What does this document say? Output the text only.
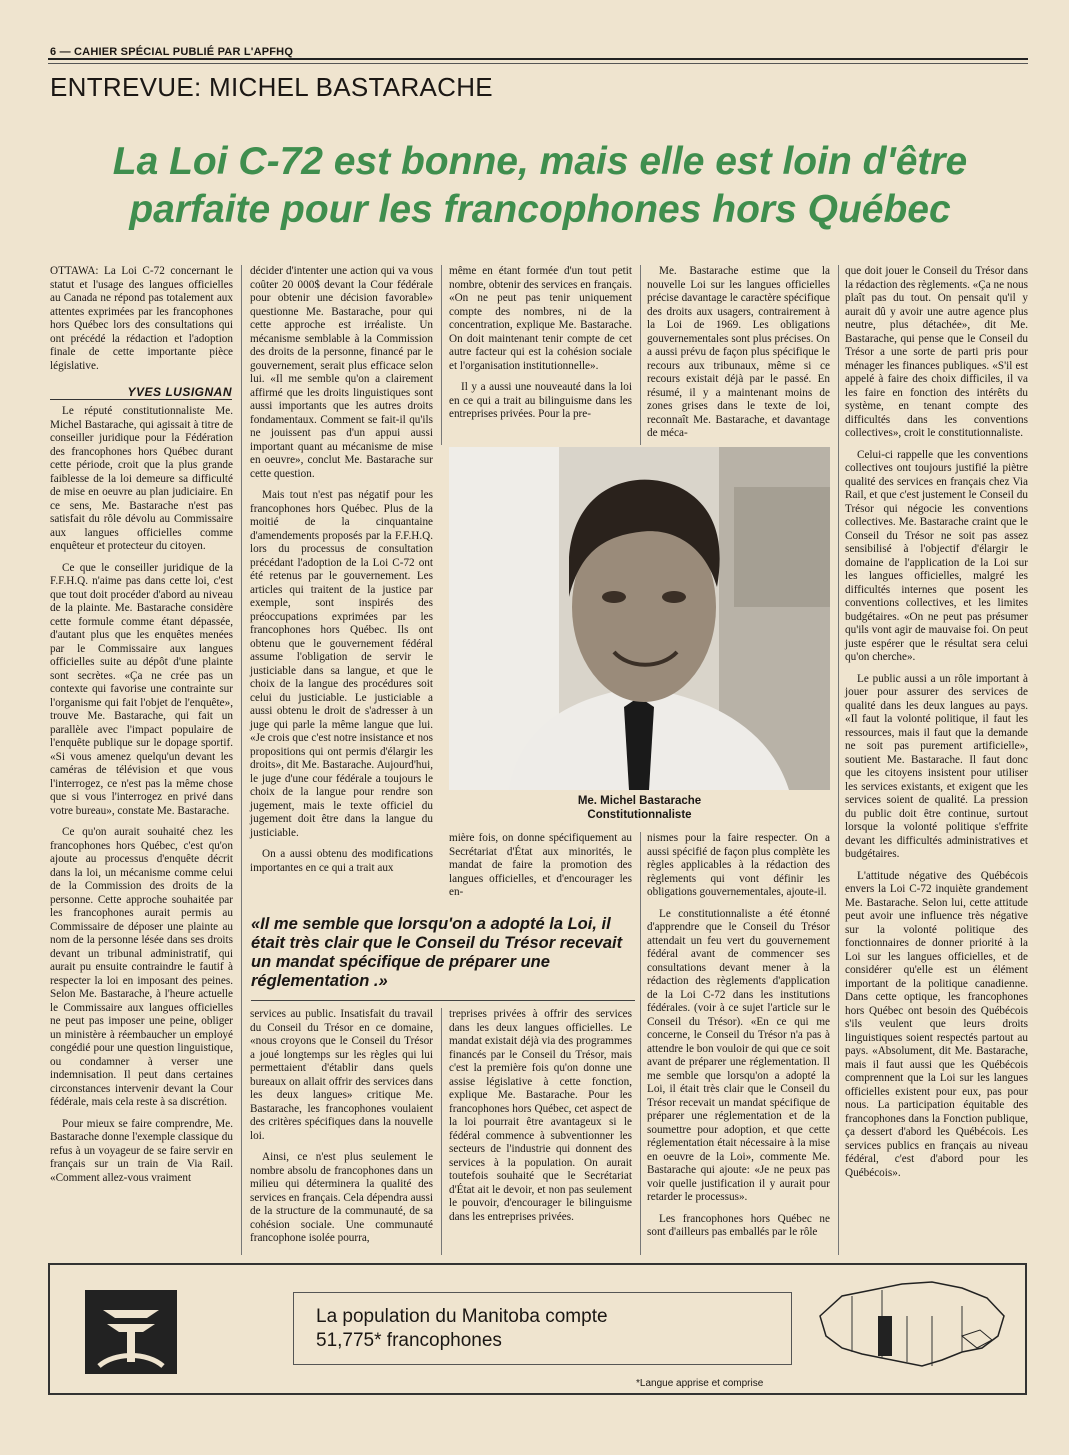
6 — CAHIER SPÉCIAL PUBLIÉ PAR L'APFHQ
ENTREVUE: MICHEL BASTARACHE
La Loi C-72 est bonne, mais elle est loin d'être parfaite pour les francophones hors Québec

OTTAWA: La Loi C-72 concernant le statut et l'usage des langues officielles au Canada ne répond pas totalement aux attentes exprimées par les francophones hors Québec lors des consultations qui ont précédé la rédaction et l'adoption finale de cette importante pièce législative.

YVES LUSIGNAN

Le réputé constitutionnaliste Me. Michel Bastarache, qui agissait à titre de conseiller juridique pour la Fédération des francophones hors Québec durant cette période, croit que la plus grande faiblesse de la loi demeure sa difficulté de mise en oeuvre au plan judiciaire. En ce sens, Me. Bastarache n'est pas satisfait du rôle dévolu au Commissaire aux langues officielles comme enquêteur et protecteur du citoyen.

Ce que le conseiller juridique de la F.F.H.Q. n'aime pas dans cette loi, c'est que tout doit procéder d'abord au niveau de la plainte. Me. Bastarache considère cette formule comme étant dépassée, d'autant plus que les enquêtes menées par le Commissaire aux langues officielles suite au dépôt d'une plainte sont secrètes. «Ça ne crée pas un contexte qui favorise une contrainte sur l'organisme qui fait l'objet de l'enquête», trouve Me. Bastarache, qui fait un parallèle avec l'impact populaire de l'enquête publique sur le dopage sportif. «Si vous amenez quelqu'un devant les caméras de télévision et que vous l'interrogez, ce n'est pas la même chose que si vous l'interrogez en privé dans votre bureau», constate Me. Bastarache.

Ce qu'on aurait souhaité chez les francophones hors Québec, c'est qu'on ajoute au processus d'enquête décrit dans la loi, un mécanisme comme celui de la Commission des droits de la personne. Cette approche souhaitée par les francophones aurait permis au Commissaire de déposer une plainte au nom de la personne lésée dans ses droits devant un tribunal administratif, qui aurait pu ensuite contraindre le fautif à respecter la loi en imposant des peines. Selon Me. Bastarache, à l'heure actuelle le Commissaire aux langues officielles ne peut pas imposer une peine, obliger un ministère à réembaucher un employé congédié pour une question linguistique, ou condamner à verser une indemnisation. Il peut dans certaines circonstances intervenir devant la Cour fédérale, mais cela reste à sa discrétion.

Pour mieux se faire comprendre, Me. Bastarache donne l'exemple classique du refus à un voyageur de se faire servir en français sur un train de Via Rail. «Comment allez-vous vraiment

décider d'intenter une action qui va vous coûter 20 000$ devant la Cour fédérale pour obtenir une décision favorable» questionne Me. Bastarache, pour qui cette approche est irréaliste. Un mécanisme semblable à la Commission des droits de la personne, financé par le gouvernement, serait plus efficace selon lui. «Il me semble qu'on a clairement affirmé que les droits linguistiques sont aussi importants que les autres droits fondamentaux. Comment se fait-il qu'ils ne jouissent pas d'un appui aussi important quant au mécanisme de mise en oeuvre», conclut Me. Bastarache sur cette question.

Mais tout n'est pas négatif pour les francophones hors Québec. Plus de la moitié de la cinquantaine d'amendements proposés par la F.F.H.Q. lors du processus de consultation précédant l'adoption de la Loi C-72 ont été retenus par le gouvernement. Les articles qui traitent de la justice par exemple, sont inspirés des préoccupations exprimées par les francophones hors Québec. Ils ont obtenu que le gouvernement fédéral assume l'obligation de servir le justiciable dans sa langue, et que le choix de la langue des procédures soit celui du justiciable. Le justiciable a aussi obtenu le droit de s'adresser à un juge qui parle la même langue que lui. «Je crois que c'est notre insistance et nos propositions qui ont permis d'élargir les droits», dit Me. Bastarache. Aujourd'hui, le juge d'une cour fédérale a toujours le choix de la langue pour rendre son jugement, mais le texte officiel du jugement doit être dans la langue du justiciable.

On a aussi obtenu des modifications importantes en ce qui a trait aux

«Il me semble que lorsqu'on a adopté la Loi, il était très clair que le Conseil du Trésor recevait un mandat spécifique de préparer une réglementation .»

services au public. Insatisfait du travail du Conseil du Trésor en ce domaine, «nous croyons que le Conseil du Trésor a joué longtemps sur les règles qui lui permettaient d'établir dans quels bureaux on allait offrir des services dans les deux langues» critique Me. Bastarache, les francophones voulaient des critères spécifiques dans la nouvelle loi.

Ainsi, ce n'est plus seulement le nombre absolu de francophones dans un milieu qui déterminera la qualité des services en français. Cela dépendra aussi de la structure de la communauté, de sa cohésion sociale. Une communauté francophone isolée pourra,

même en étant formée d'un tout petit nombre, obtenir des services en français. «On ne peut pas tenir uniquement compte des nombres, ni de la concentration, explique Me. Bastarache. On doit maintenant tenir compte de cet autre facteur qui est la cohésion sociale et l'organisation institutionnelle».

Il y a aussi une nouveauté dans la loi en ce qui a trait au bilinguisme dans les entreprises privées. Pour la pre-

Me. Michel Bastarache
Constitutionnaliste

mière fois, on donne spécifiquement au Secrétariat d'État aux minorités, le mandat de faire la promotion des langues officielles, et d'encourager les en-

treprises privées à offrir des services dans les deux langues officielles. Le mandat existait déjà via des programmes financés par le Conseil du Trésor, mais c'est la première fois qu'on donne une assise législative à cette fonction, explique Me. Bastarache. Pour les francophones hors Québec, cet aspect de la loi pourrait être avantageux si le fédéral commence à subventionner les secteurs de l'industrie qui donnent des services à la population. On aurait toutefois souhaité que le Secrétariat d'État ait le devoir, et non pas seulement le pouvoir, d'encourager le bilinguisme dans les entreprises privées.

Me. Bastarache estime que la nouvelle Loi sur les langues officielles précise davantage le caractère spécifique des droits aux usagers, contrairement à la Loi de 1969. Les obligations gouvernementales sont plus précises. On a aussi prévu de façon plus spécifique le recours aux tribunaux, même si ce recours existait déjà par le passé. En résumé, il y a maintenant moins de zones grises dans le texte de loi, reconnaît Me. Bastarache, et davantage de méca-

nismes pour la faire respecter. On a aussi spécifié de façon plus complète les règles applicables à la rédaction des règlements qui vont définir les obligations gouvernementales, ajoute-il.

Le constitutionnaliste a été étonné d'apprendre que le Conseil du Trésor attendait un feu vert du gouvernement fédéral avant de commencer ses consultations devant mener à la rédaction des règlements d'application de la Loi C-72 dans les institutions fédérales. (voir à ce sujet l'article sur le Conseil du Trésor). «En ce qui me concerne, le Conseil du Trésor n'a pas à attendre le bon vouloir de qui que ce soit avant de préparer une réglementation. Il me semble que lorsqu'on a adopté la Loi, il était très clair que le Conseil du Trésor recevait un mandat spécifique de préparer une réglementation et de la soumettre pour adoption, et que cette réglementation était nécessaire à la mise en oeuvre de la Loi», commente Me. Bastarache qui ajoute: «Je ne peux pas voir quelle justification il y aurait pour retarder le processus».

Les francophones hors Québec ne sont d'ailleurs pas emballés par le rôle

que doit jouer le Conseil du Trésor dans la rédaction des règlements. «Ça ne nous plaît pas du tout. On pensait qu'il y aurait dû y avoir une autre agence plus neutre, plus détachée», dit Me. Bastarache, qui pense que le Conseil du Trésor a une sorte de parti pris pour ménager les finances publiques. «S'il est appelé à faire des choix difficiles, il va les faire en fonction des intérêts du système, en tenant compte des difficultés dans les conventions collectives», croit le constitutionnaliste.

Celui-ci rappelle que les conventions collectives ont toujours justifié la piètre qualité des services en français chez Via Rail, et que c'est justement le Conseil du Trésor qui négocie les conventions collectives. Me. Bastarache craint que le Conseil du Trésor ne soit pas assez sensibilisé à l'objectif d'élargir le domaine de l'application de la Loi sur les langues officielles, malgré les difficultés internes que posent les conventions collectives, et les limites budgétaires. «On ne peut pas présumer qu'ils vont agir de mauvaise foi. On peut juste espérer que le résultat sera celui qu'on cherche».

Le public aussi a un rôle important à jouer pour assurer des services de qualité dans les deux langues au pays. «Il faut la volonté politique, il faut les ressources, mais il faut que la demande ne soit pas purement artificielle», soutient Me. Bastarache. Il faut donc que les citoyens insistent pour utiliser les services existants, et exigent que les services soient de qualité. La pression du public doit être continue, surtout lorsque la volonté politique s'effrite devant les difficultés administratives et budgétaires.

L'attitude négative des Québécois envers la Loi C-72 inquiète grandement Me. Bastarache. Selon lui, cette attitude peut avoir une influence très négative sur la volonté politique des fonctionnaires de donner priorité à la Loi sur les langues officielles, et de considérer qu'elle est un élément important de la politique canadienne. Dans cette optique, les francophones hors Québec ont besoin des Québécois s'ils veulent que leurs droits linguistiques soient respectés partout au pays. «Absolument, dit Me. Bastarache, mais il faut aussi que les Québécois comprennent que la Loi sur les langues officielles existent pour eux, pas pour nous. La participation équitable des francophones dans la Fonction publique, ça dessert d'abord les Québécois. Les services publics en français au niveau fédéral, c'est d'abord pour les Québécois».

La population du Manitoba compte
51,775* francophones
*Langue apprise et comprise
